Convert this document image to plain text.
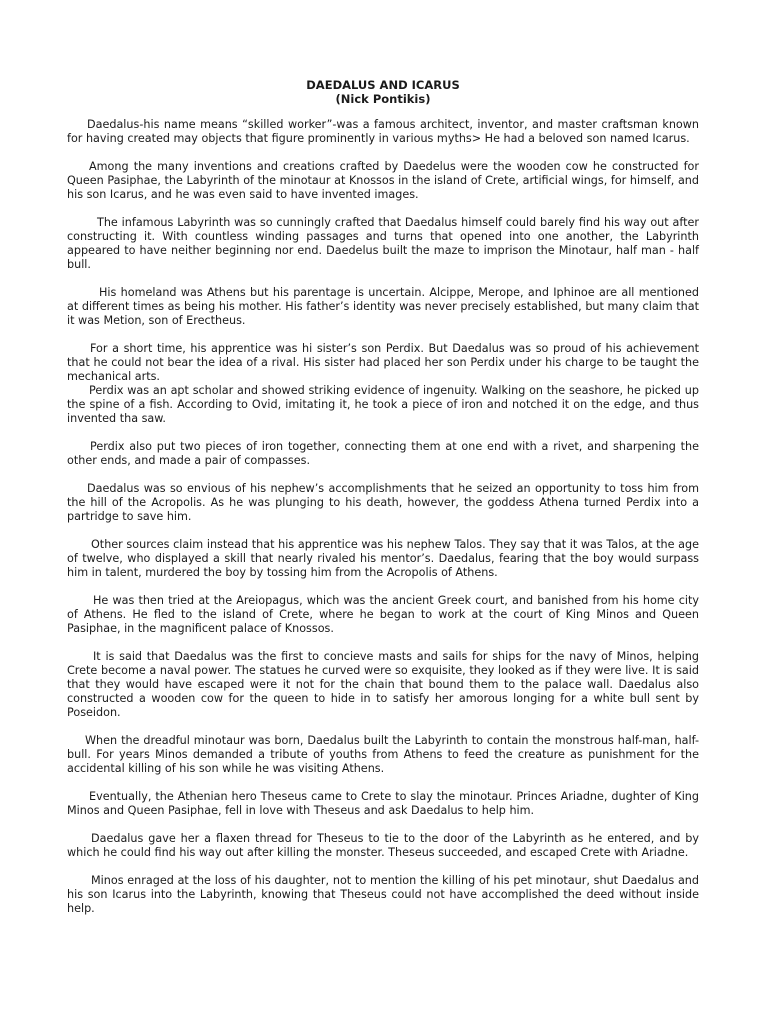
DAEDALUS AND ICARUS

(Nick Pontikis)

Daedalus-his name means “skilled worker”-was a famous architect, inventor, and master craftsman known for having created may objects that figure prominently in various myths> He had a beloved son named Icarus.

Among the many inventions and creations crafted by Daedelus were the wooden cow he constructed for Queen Pasiphae, the Labyrinth of the minotaur at Knossos in the island of Crete, artificial wings, for himself, and his son Icarus, and he was even said to have invented images.

The infamous Labyrinth was so cunningly crafted that Daedalus himself could barely find his way out after constructing it. With countless winding passages and turns that opened into one another, the Labyrinth appeared to have neither beginning nor end. Daedelus built the maze to imprison the Minotaur, half man - half bull.

His homeland was Athens but his parentage is uncertain. Alcippe, Merope, and Iphinoe are all mentioned at different times as being his mother. His father’s identity was never precisely established, but many claim that it was Metion, son of Erectheus.

For a short time, his apprentice was hi sister’s son Perdix. But Daedalus was so proud of his achievement that he could not bear the idea of a rival. His sister had placed her son Perdix under his charge to be taught the mechanical arts.

Perdix was an apt scholar and showed striking evidence of ingenuity. Walking on the seashore, he picked up the spine of a fish. According to Ovid, imitating it, he took a piece of iron and notched it on the edge, and thus invented tha saw.

Perdix also put two pieces of iron together, connecting them at one end with a rivet, and sharpening the other ends, and made a pair of compasses.

Daedalus was so envious of his nephew’s accomplishments that he seized an opportunity to toss him from the hill of the Acropolis. As he was plunging to his death, however, the goddess Athena turned Perdix into a partridge to save him.

Other sources claim instead that his apprentice was his nephew Talos. They say that it was Talos, at the age of twelve, who displayed a skill that nearly rivaled his mentor’s. Daedalus, fearing that the boy would surpass him in talent, murdered the boy by tossing him from the Acropolis of Athens.

He was then tried at the Areiopagus, which was the ancient Greek court, and banished from his home city of Athens. He fled to the island of Crete, where he began to work at the court of King Minos and Queen Pasiphae, in the magnificent palace of Knossos.

It is said that Daedalus was the first to concieve masts and sails for ships for the navy of Minos, helping Crete become a naval power. The statues he curved were so exquisite, they looked as if they were live. It is said that they would have escaped were it not for the chain that bound them to the palace wall. Daedalus also constructed a wooden cow for the queen to hide in to satisfy her amorous longing for a white bull sent by Poseidon.

When the dreadful minotaur was born, Daedalus built the Labyrinth to contain the monstrous half-man, half-bull. For years Minos demanded a tribute of youths from Athens to feed the creature as punishment for the accidental killing of his son while he was visiting Athens.

Eventually, the Athenian hero Theseus came to Crete to slay the minotaur. Princes Ariadne, dughter of King Minos and Queen Pasiphae, fell in love with Theseus and ask Daedalus to help him.

Daedalus gave her a flaxen thread for Theseus to tie to the door of the Labyrinth as he entered, and by which he could find his way out after killing the monster. Theseus succeeded, and escaped Crete with Ariadne.

Minos enraged at the loss of his daughter, not to mention the killing of his pet minotaur, shut Daedalus and his son Icarus into the Labyrinth, knowing that Theseus could not have accomplished the deed without inside help.
